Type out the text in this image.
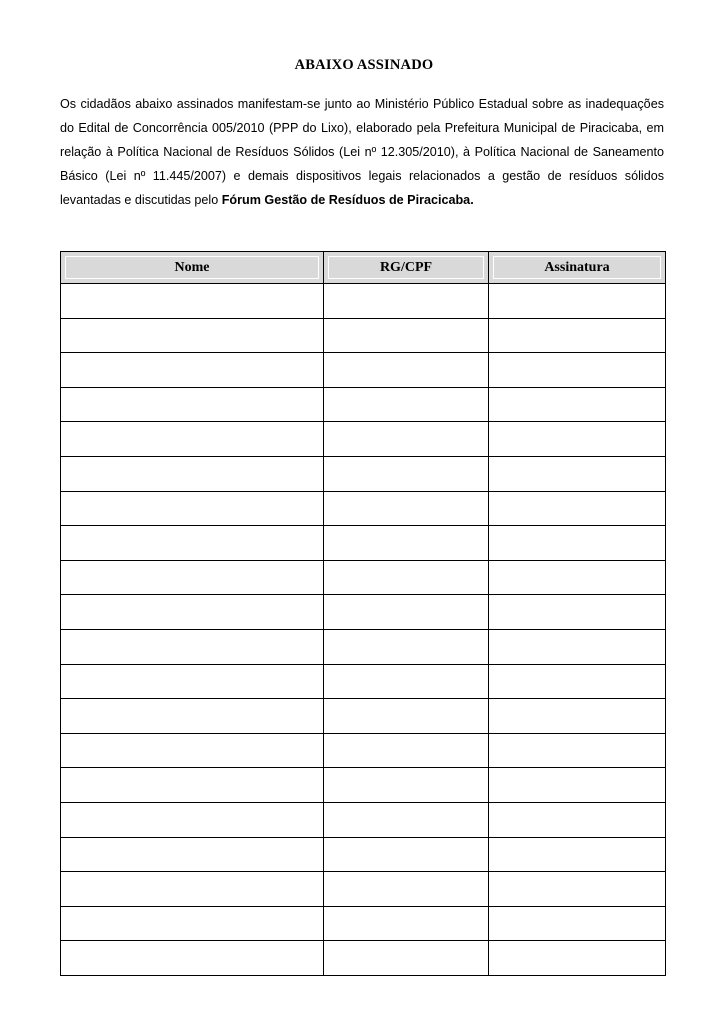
ABAIXO ASSINADO

Os cidadãos abaixo assinados manifestam-se junto ao Ministério Público Estadual sobre as inadequações do Edital de Concorrência 005/2010 (PPP do Lixo), elaborado pela Prefeitura Municipal de Piracicaba, em relação à Política Nacional de Resíduos Sólidos (Lei nº 12.305/2010), à Política Nacional de Saneamento Básico (Lei nº 11.445/2007) e demais dispositivos legais relacionados a gestão de resíduos sólidos levantadas e discutidas pelo Fórum Gestão de Resíduos de Piracicaba.

Nome	RG/CPF	Assinatura
